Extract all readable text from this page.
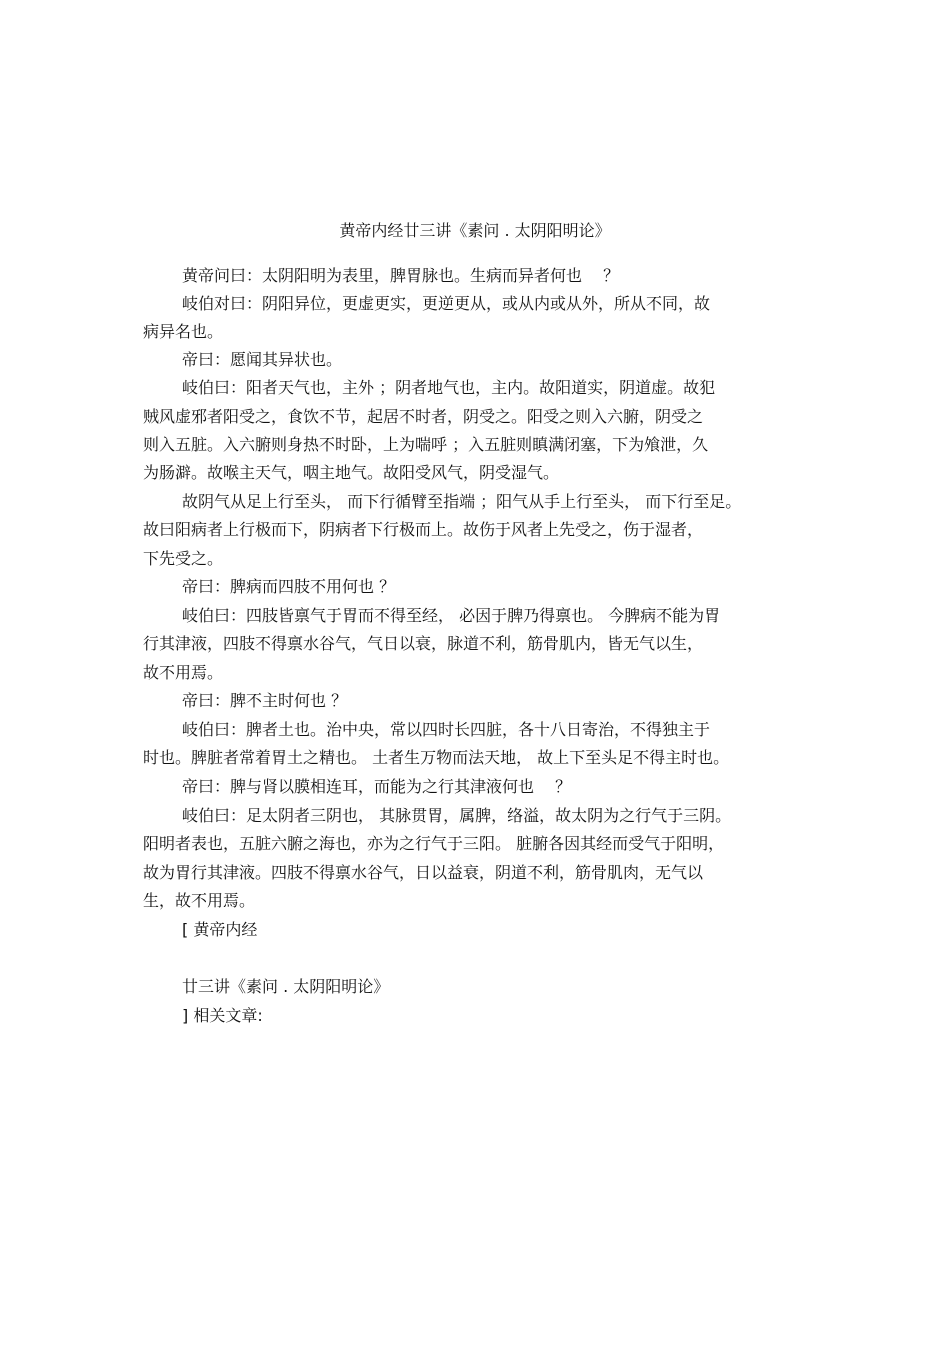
黄帝内经廿三讲《素问 . 太阴阳明论》
黄帝问曰：太阴阳明为表里，脾胃脉也。生病而异者何也　 ？
岐伯对曰：阴阳异位，更虚更实，更逆更从，或从内或从外，所从不同，故
病异名也。
帝曰：愿闻其异状也。
岐伯曰：阳者天气也，主外 ；阴者地气也，主内。故阳道实，阴道虚。故犯
贼风虚邪者阳受之，食饮不节，起居不时者，阴受之。阳受之则入六腑，阴受之
则入五脏。入六腑则身热不时卧，上为喘呼 ；入五脏则瞋满闭塞，下为飧泄，久
为肠澼。故喉主天气，咽主地气。故阳受风气，阴受湿气。
故阴气从足上行至头， 而下行循臂至指端 ；阳气从手上行至头， 而下行至足。
故曰阳病者上行极而下，阴病者下行极而上。故伤于风者上先受之，伤于湿者，
下先受之。
帝曰：脾病而四肢不用何也 ？
岐伯曰：四肢皆禀气于胃而不得至经， 必因于脾乃得禀也。 今脾病不能为胃
行其津液，四肢不得禀水谷气，气日以衰，脉道不利，筋骨肌内，皆无气以生，
故不用焉。
帝曰：脾不主时何也 ？
岐伯曰：脾者土也。治中央，常以四时长四脏，各十八日寄治，不得独主于
时也。脾脏者常着胃土之精也。 土者生万物而法天地， 故上下至头足不得主时也。
帝曰：脾与肾以膜相连耳，而能为之行其津液何也 　？
岐伯曰：足太阴者三阴也， 其脉贯胃，属脾，络溢，故太阴为之行气于三阴。
阳明者表也，五脏六腑之海也，亦为之行气于三阳。 脏腑各因其经而受气于阳明，
故为胃行其津液。四肢不得禀水谷气，日以益衰，阴道不利，筋骨肌肉，无气以
生，故不用焉。
[ 黄帝内经
廿三讲《素问 . 太阴阳明论》
] 相关文章:
